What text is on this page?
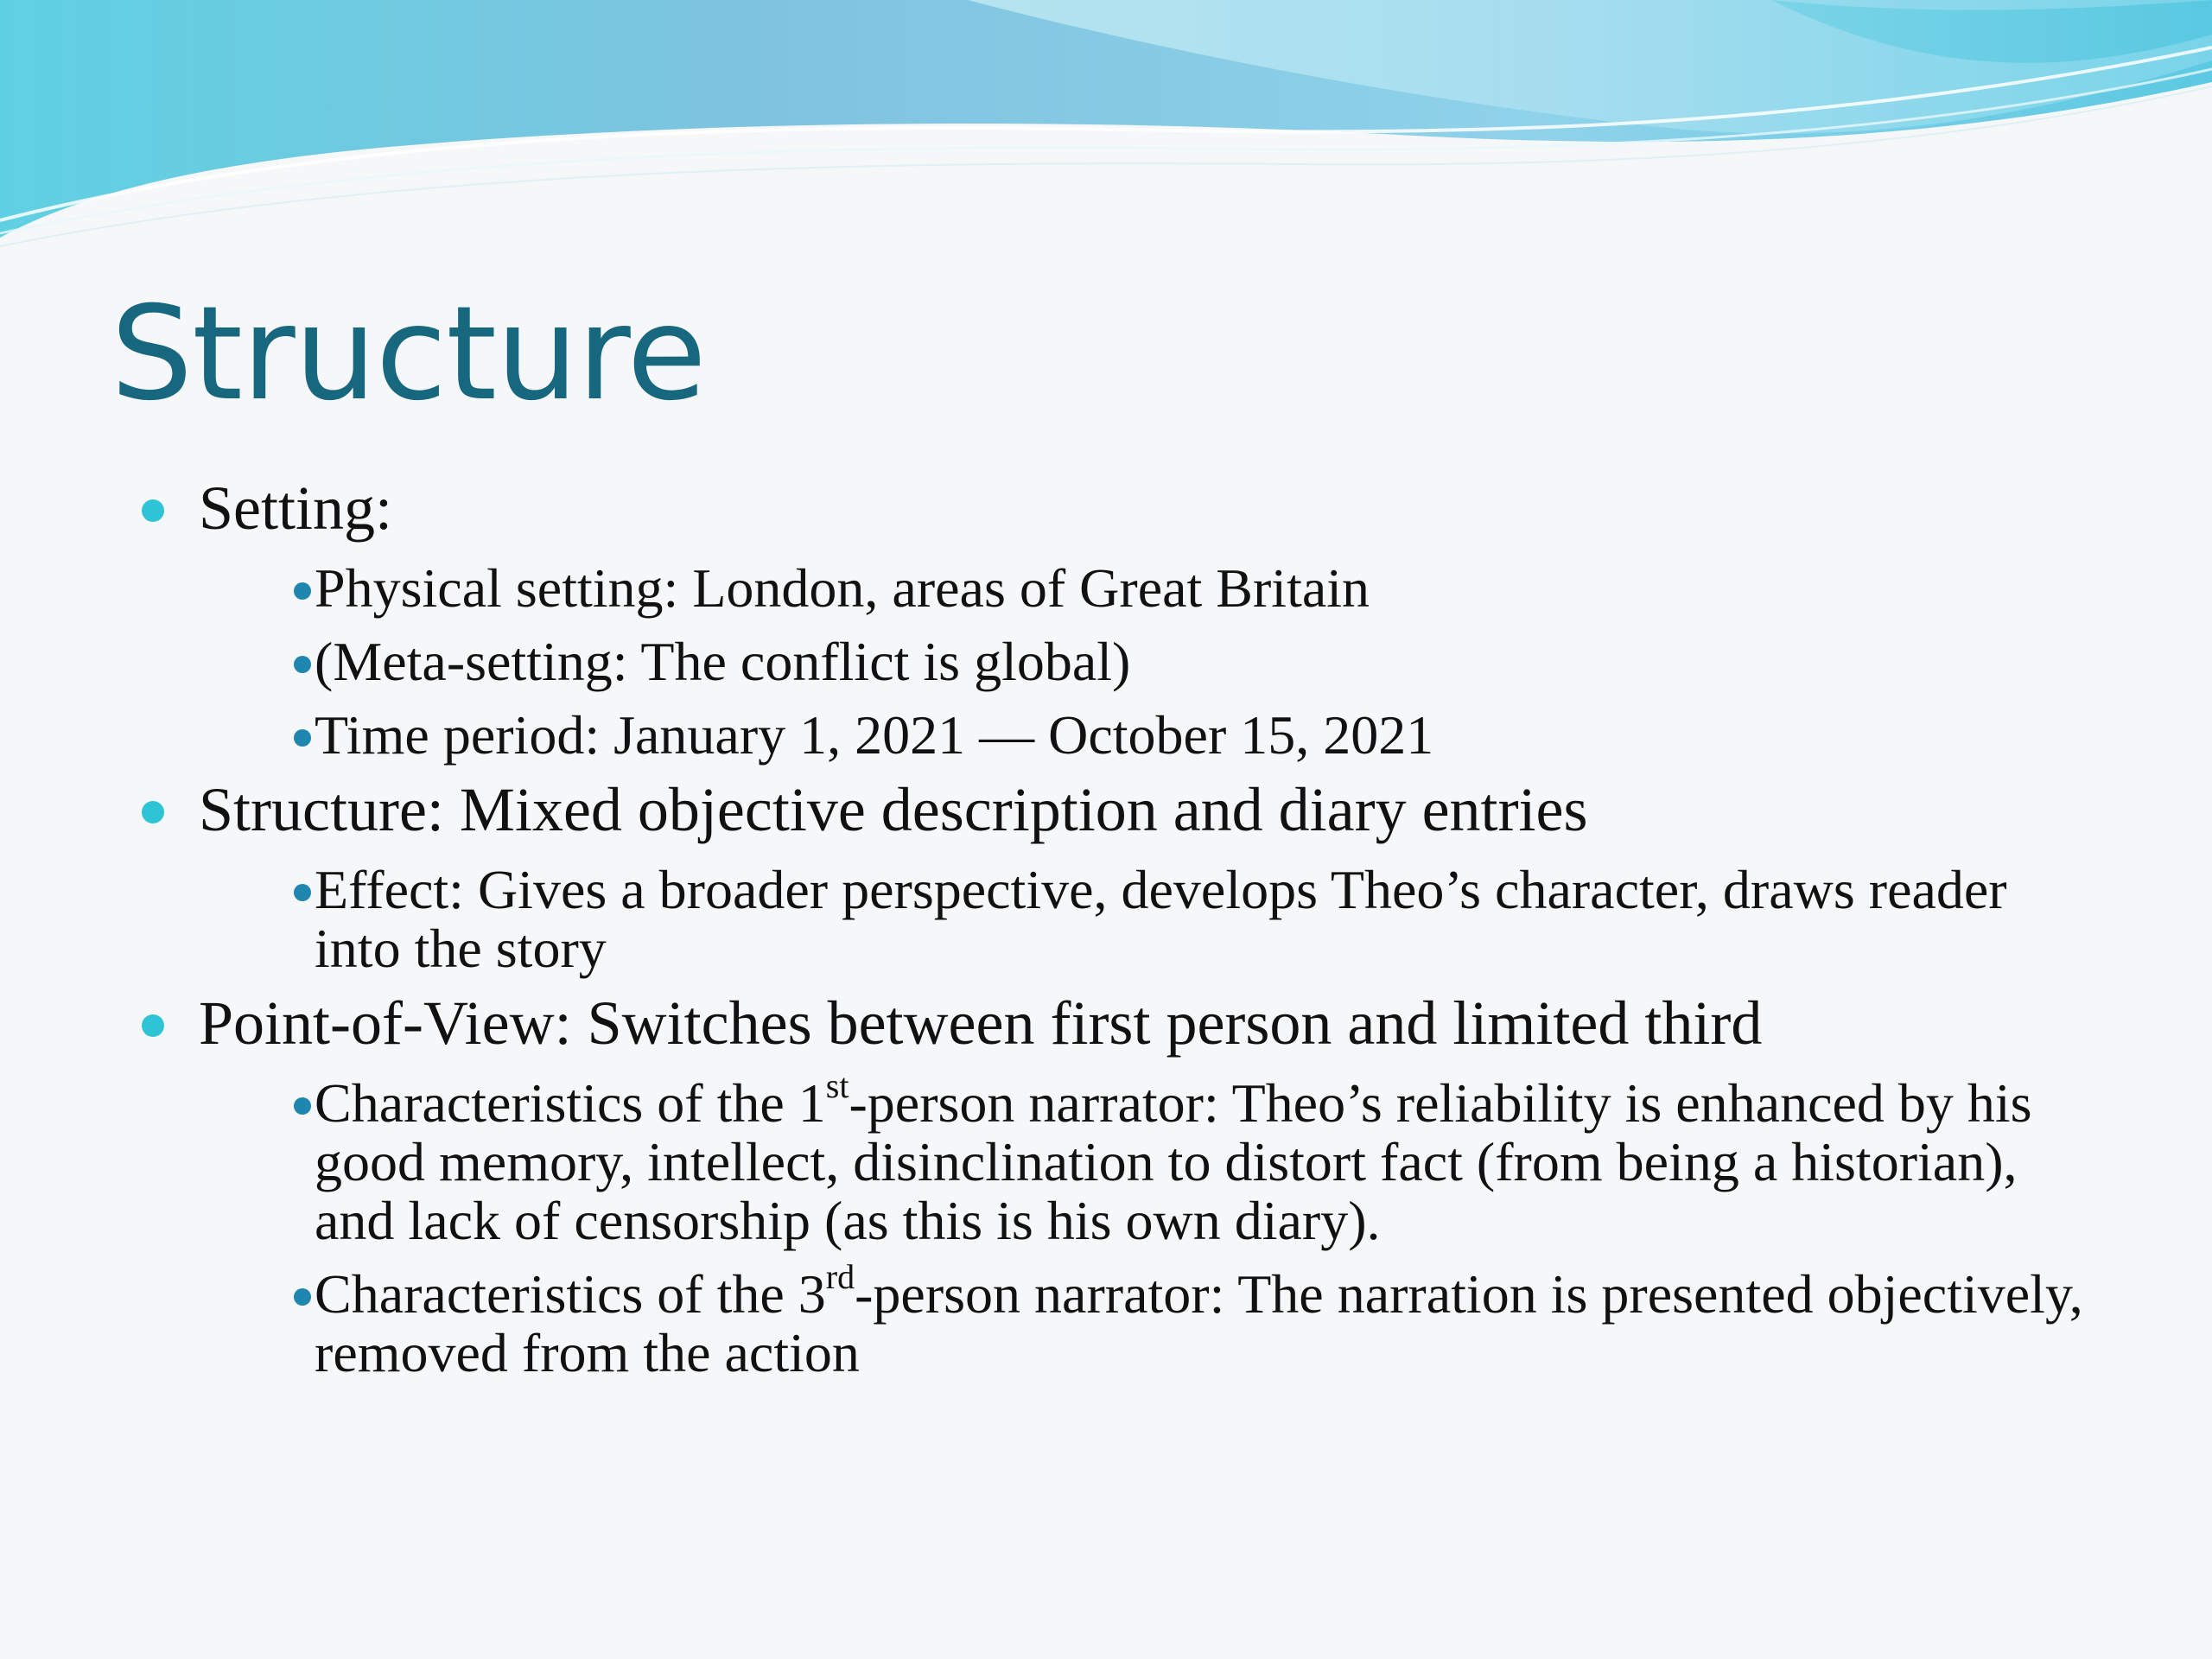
Structure
Setting:
Physical setting: London, areas of Great Britain
(Meta-setting: The conflict is global)
Time period: January 1, 2021 — October 15, 2021
Structure: Mixed objective description and diary entries
Effect: Gives a broader perspective, develops Theo’s character, draws reader into the story
Point-of-View: Switches between first person and limited third
Characteristics of the 1st-person narrator: Theo’s reliability is enhanced by his good memory, intellect, disinclination to distort fact (from being a historian), and lack of censorship (as this is his own diary).
Characteristics of the 3rd-person narrator: The narration is presented objectively, removed from the action
